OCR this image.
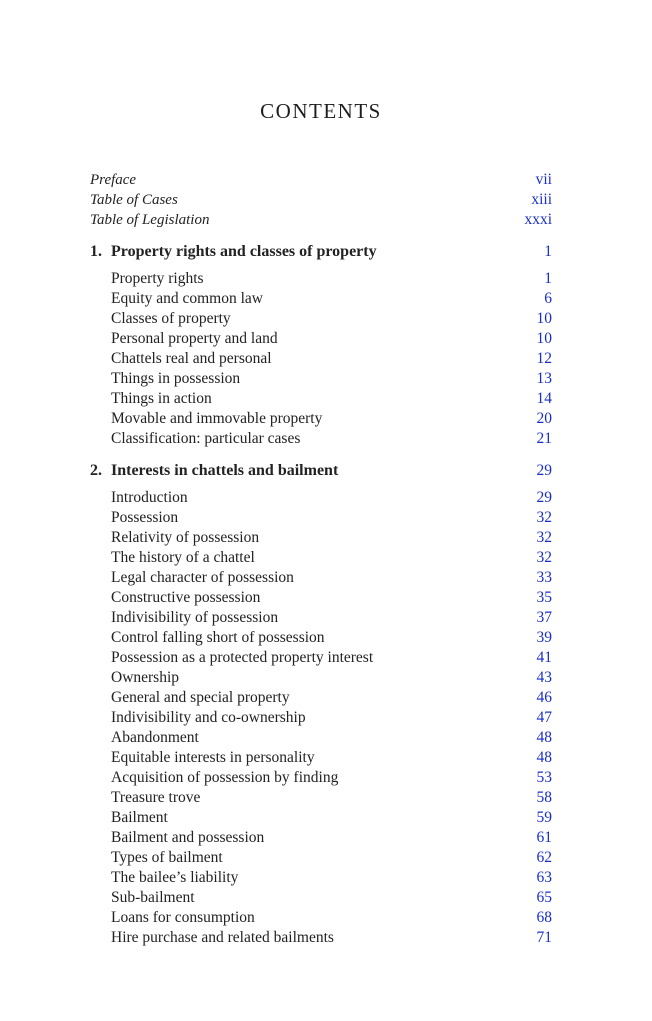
CONTENTS
Preface	vii
Table of Cases	xiii
Table of Legislation	xxxi
1. Property rights and classes of property	1
Property rights	1
Equity and common law	6
Classes of property	10
Personal property and land	10
Chattels real and personal	12
Things in possession	13
Things in action	14
Movable and immovable property	20
Classification: particular cases	21
2. Interests in chattels and bailment	29
Introduction	29
Possession	32
Relativity of possession	32
The history of a chattel	32
Legal character of possession	33
Constructive possession	35
Indivisibility of possession	37
Control falling short of possession	39
Possession as a protected property interest	41
Ownership	43
General and special property	46
Indivisibility and co-ownership	47
Abandonment	48
Equitable interests in personality	48
Acquisition of possession by finding	53
Treasure trove	58
Bailment	59
Bailment and possession	61
Types of bailment	62
The bailee’s liability	63
Sub-bailment	65
Loans for consumption	68
Hire purchase and related bailments	71
